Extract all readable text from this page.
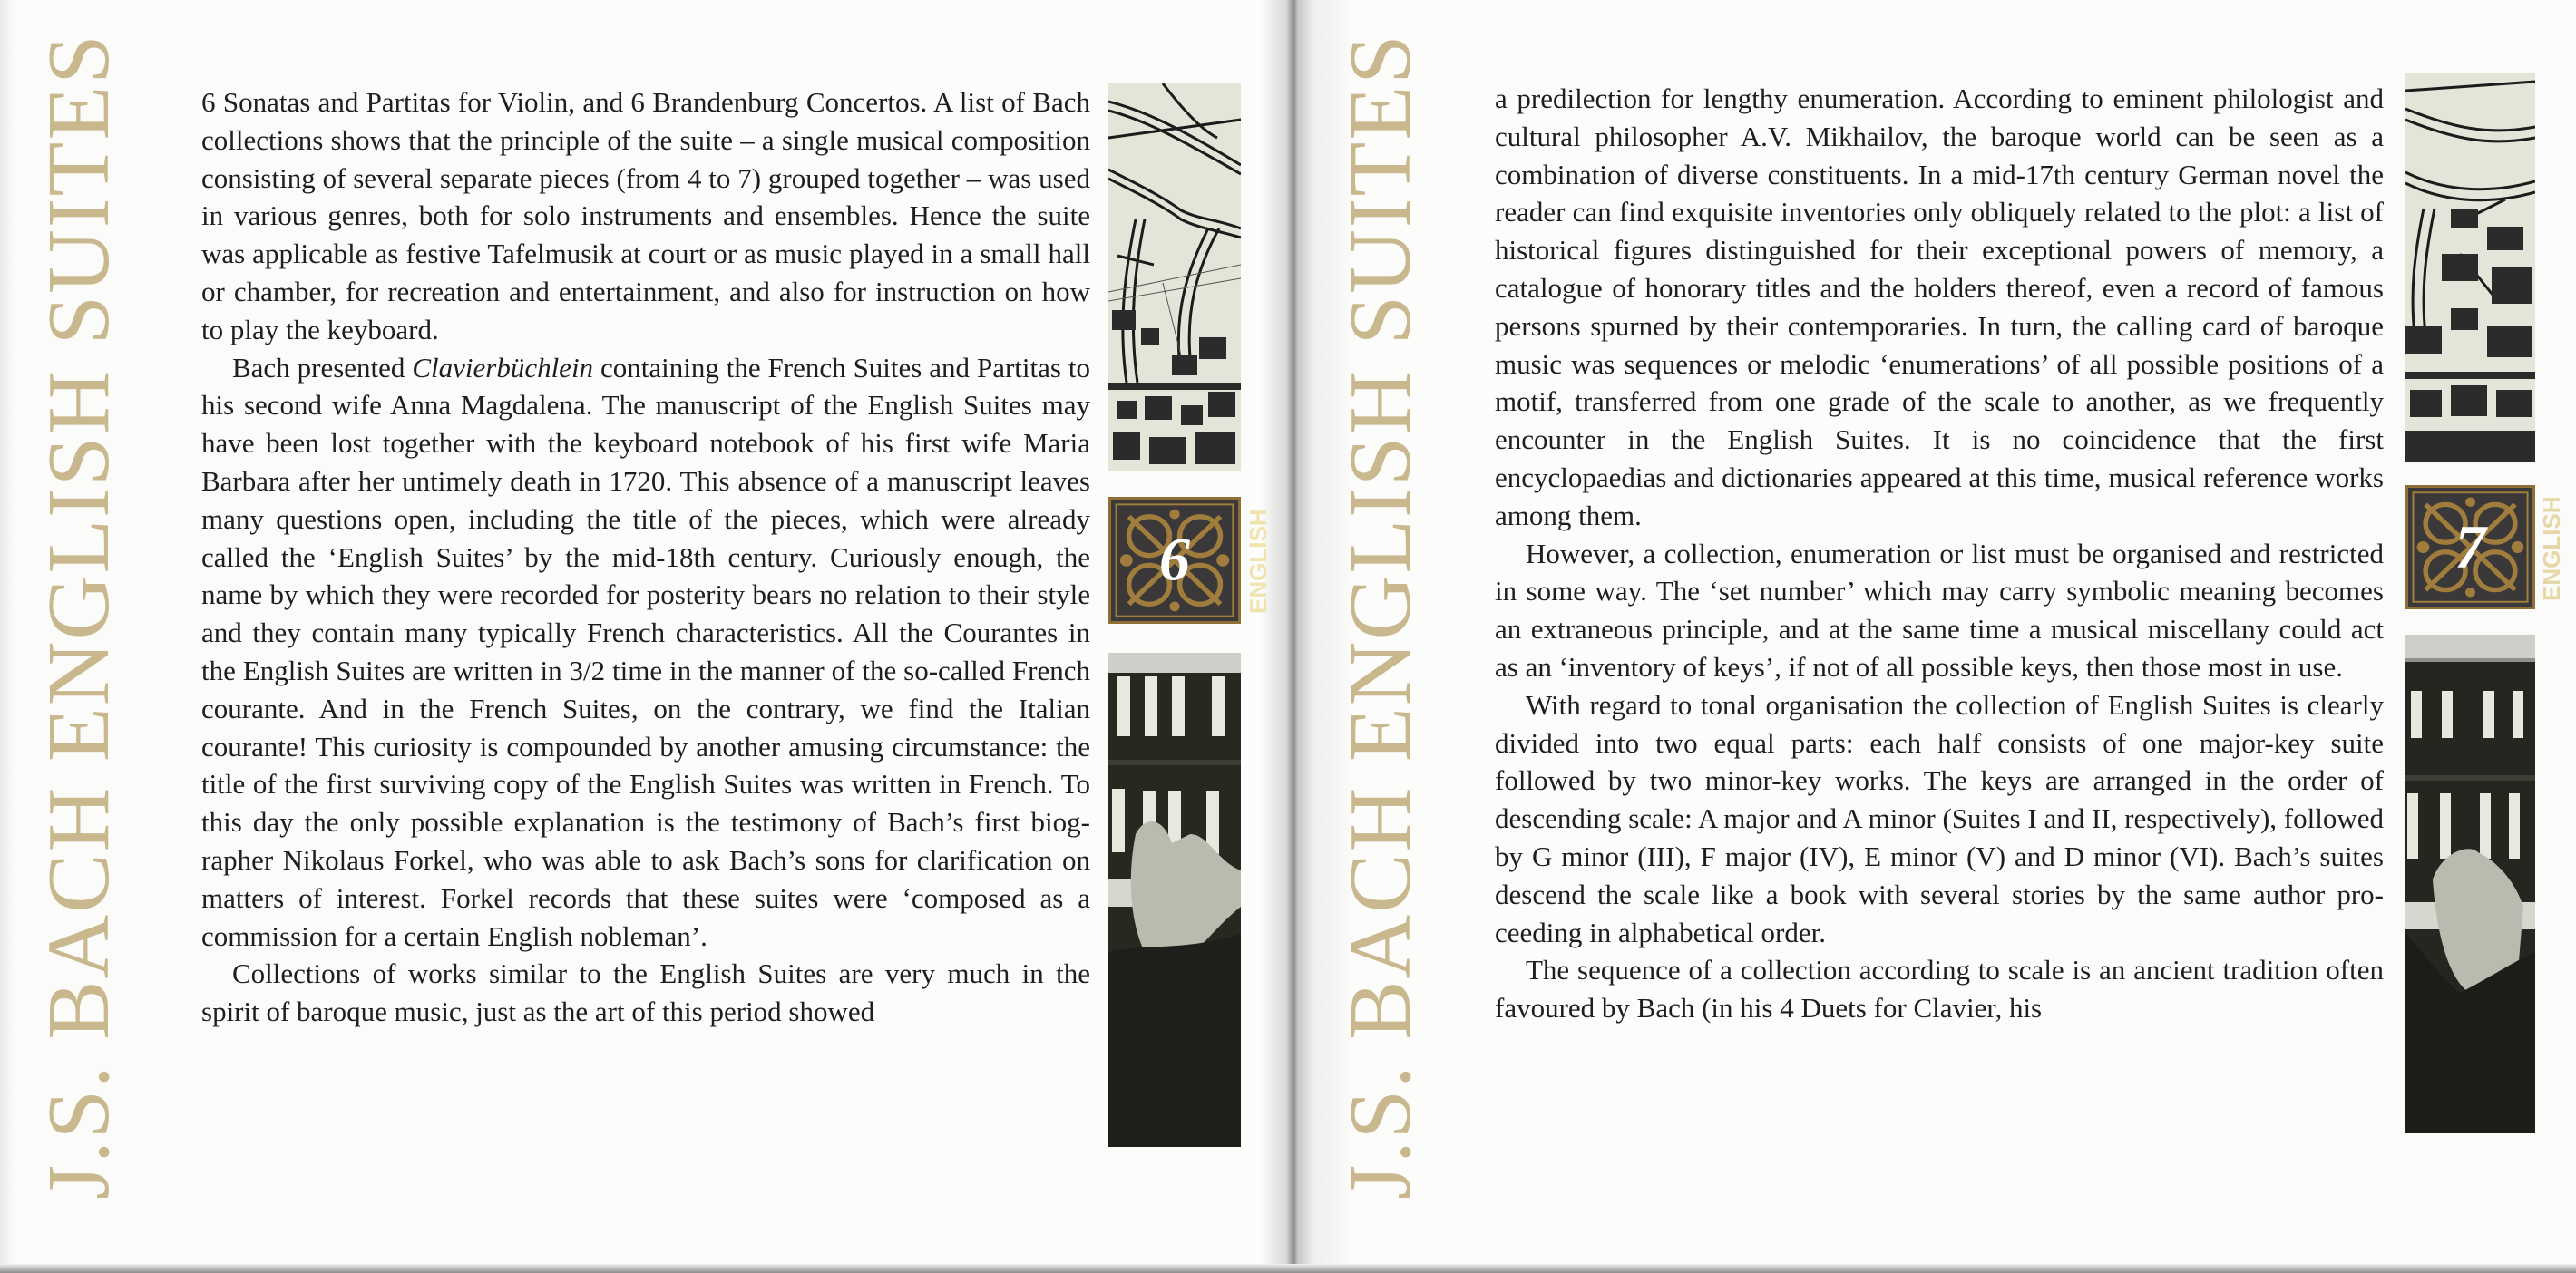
J.S. BACH ENGLISH SUITES	6 Sonatas and Partitas for Violin, and 6 Brandenburg Concertos. A list of Bach collections shows that the principle of the suite – a single musical composition consisting of several separate pieces (from 4 to 7) grouped together – was used in various genres, both for solo instruments and ensembles. Hence the suite was applicable as festive Tafelmusik at court or as music played in a small hall or chamber, for recreation and entertainment, and also for instruction on how to play the keyboard.

Bach presented Clavierbüchlein containing the French Suites and Partitas to his second wife Anna Magdalena. The manuscript of the English Suites may have been lost together with the keyboard notebook of his first wife Maria Barbara after her untimely death in 1720. This absence of a manuscript leaves many questions open, including the title of the pieces, which were already called the ‘English Suites’ by the mid-18th century. Curiously enough, the name by which they were recorded for posterity bears no relation to their style and they contain many typically French characteristics. All the Courantes in the English Suites are written in 3/2 time in the manner of the so-called French courante. And in the French Suites, on the contrary, we find the Italian courante! This curiosity is compounded by another amusing circumstance: the title of the first surviving copy of the English Suites was written in French. To this day the only possible explanation is the testimony of Bach’s first biographer Nikolaus Forkel, who was able to ask Bach’s sons for clarification on matters of interest. Forkel records that these suites were ‘composed as a commission for a certain English nobleman’.

Collections of works similar to the English Suites are very much in the spirit of baroque music, just as the art of this period showed

6	ENGLISH J.S. BACH ENGLISH SUITES a predilection for lengthy enumeration. According to eminent philologist and cultural philosopher A.V. Mikhailov, the baroque world can be seen as a combination of diverse constituents. In a mid-17th century German novel the reader can find exquisite inventories only obliquely related to the plot: a list of historical figures distinguished for their exceptional powers of memory, a catalogue of honorary titles and the holders thereof, even a record of famous persons spurned by their contemporaries. In turn, the calling card of baroque music was sequences or melodic ‘enumerations’ of all possible positions of a motif, transferred from one grade of the scale to another, as we frequently encounter in the English Suites. It is no coincidence that the first encyclopaedias and dictionaries appeared at this time, musical reference works among them.

However, a collection, enumeration or list must be organised and restricted in some way. The ‘set number’ which may carry symbolic meaning becomes an extraneous principle, and at the same time a musical miscellany could act as an ‘inventory of keys’, if not of all possible keys, then those most in use.

With regard to tonal organisation the collection of English Suites is clearly divided into two equal parts: each half consists of one major-key suite followed by two minor-key works. The keys are arranged in the order of descending scale: A major and A minor (Suites I and II, respectively), followed by G minor (III), F major (IV), E minor (V) and D minor (VI). Bach’s suites descend the scale like a book with several stories by the same author proceeding in alphabetical order.

The sequence of a collection according to scale is an ancient tradition often favoured by Bach (in his 4 Duets for Clavier, his

7	ENGLISH
